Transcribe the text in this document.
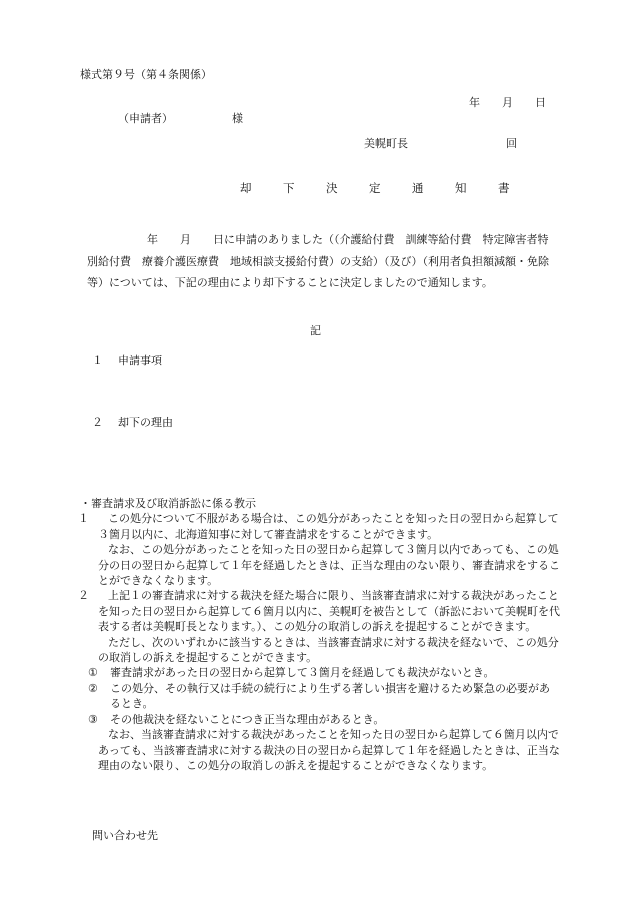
様式第９号（第４条関係）
年　　月　　日
（申請者）	様
美幌町長	回
却　下　決　定　通　知　書
年　　月　　日に申請のありました（（介護給付費　訓練等給付費　特定障害者特別給付費　療養介護医療費　地域相談支援給付費）の支給）（及び）（利用者負担額減額・免除等）については、下記の理由により却下することに決定しましたので通知します。
記
１ 申請事項
２ 却下の理由
・審査請求及び取消訴訟に係る教示
１	この処分について不服がある場合は、この処分があったことを知った日の翌日から起算して３箇月以内に、北海道知事に対して審査請求をすることができます。
なお、この処分があったことを知った日の翌日から起算して３箇月以内であっても、この処分の日の翌日から起算して１年を経過したときは、正当な理由のない限り、審査請求をすることができなくなります。
２	上記１の審査請求に対する裁決を経た場合に限り、当該審査請求に対する裁決があったことを知った日の翌日から起算して６箇月以内に、美幌町を被告として（訴訟において美幌町を代表する者は美幌町長となります。）、この処分の取消しの訴えを提起することができます。
ただし、次のいずれかに該当するときは、当該審査請求に対する裁決を経ないで、この処分の取消しの訴えを提起することができます。
①	審査請求があった日の翌日から起算して３箇月を経過しても裁決がないとき。
②	この処分、その執行又は手続の続行により生ずる著しい損害を避けるため緊急の必要があるとき。
③	その他裁決を経ないことにつき正当な理由があるとき。
なお、当該審査請求に対する裁決があったことを知った日の翌日から起算して６箇月以内であっても、当該審査請求に対する裁決の日の翌日から起算して１年を経過したときは、正当な理由のない限り、この処分の取消しの訴えを提起することができなくなります。
問い合わせ先
